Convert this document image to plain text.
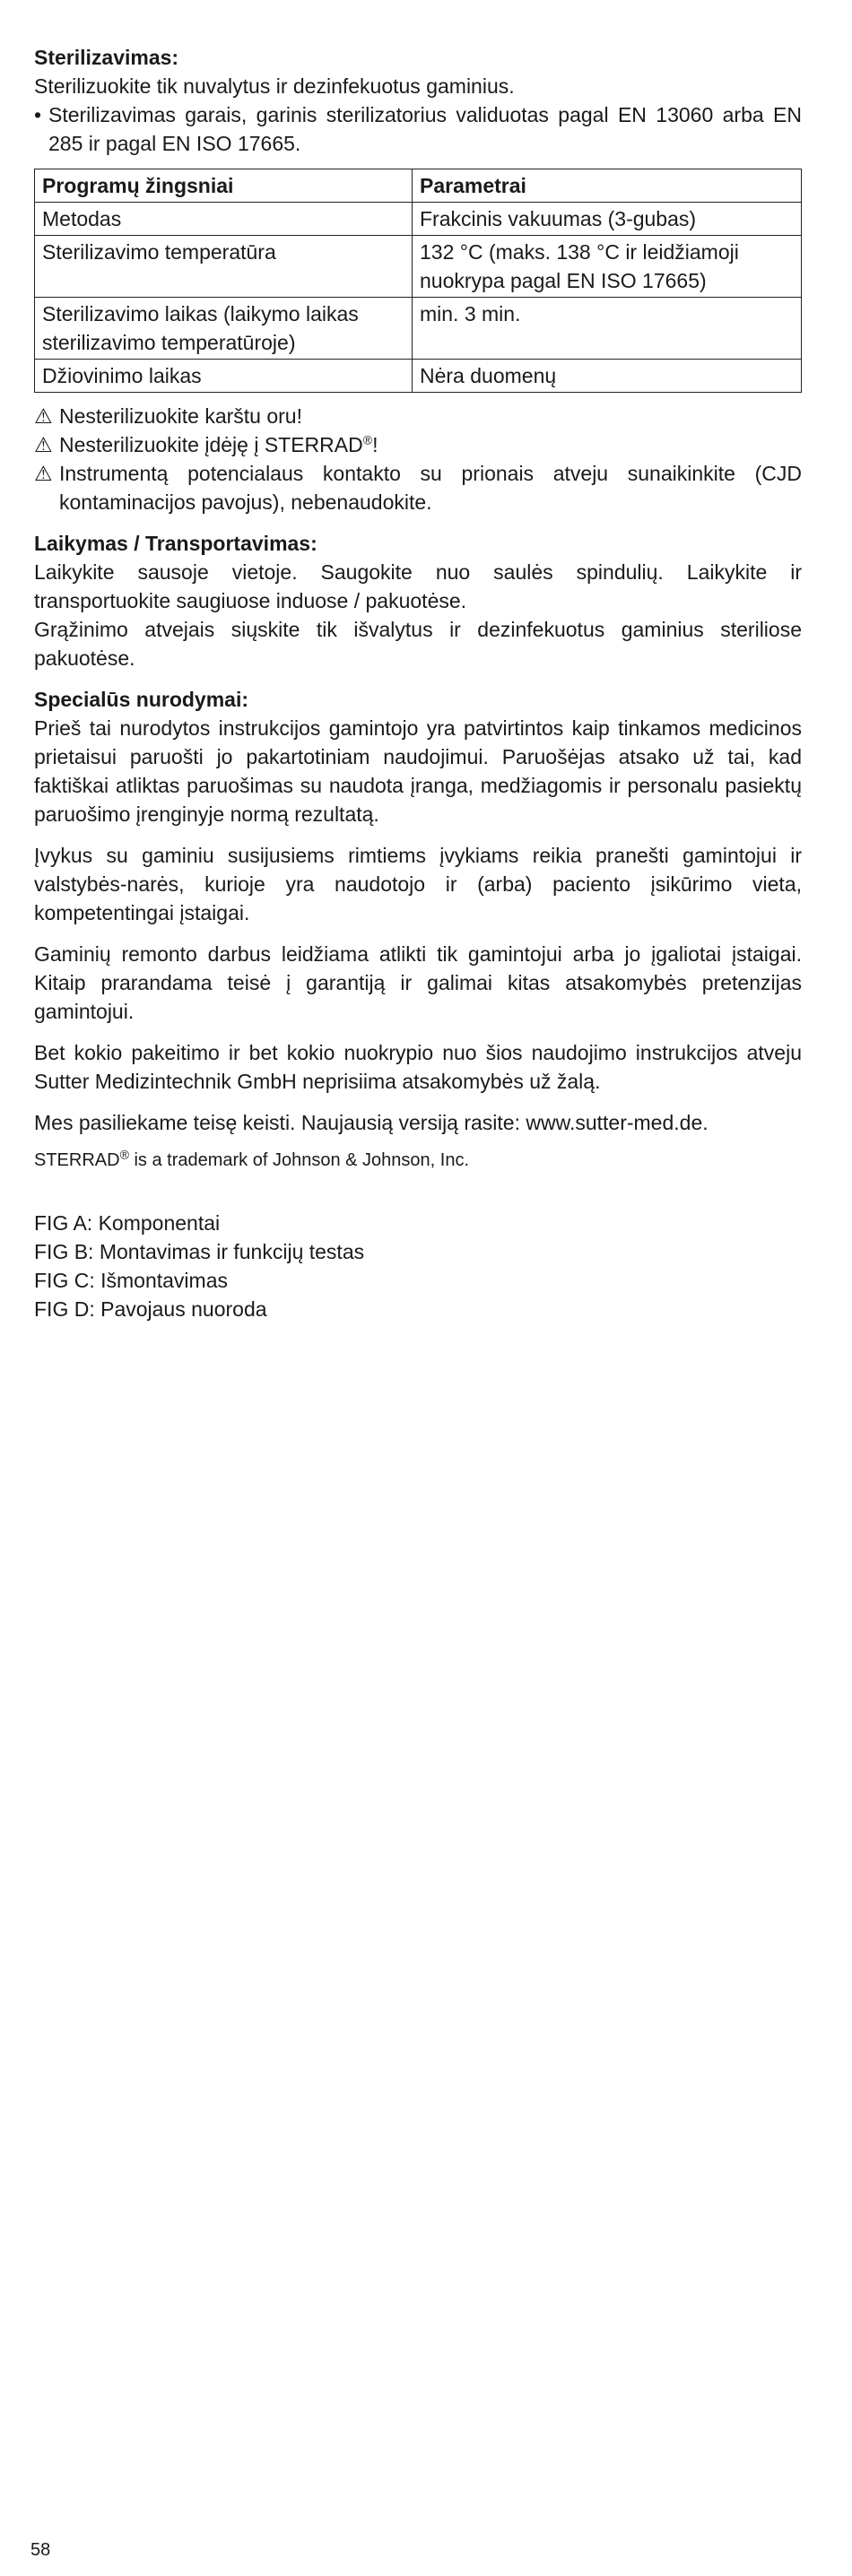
Sterilizavimas:

Sterilizuokite tik nuvalytus ir dezinfekuotus gaminius.

• Sterilizavimas garais, garinis sterilizatorius validuotas pagal EN 13060 arba EN 285 ir pagal EN ISO 17665.
Programų žingsniai	Parametrai
Metodas	Frakcinis vakuumas (3-gubas)
Sterilizavimo temperatūra	132 °C (maks. 138 °C ir leidžiamoji nuokrypa pagal EN ISO 17665)
Sterilizavimo laikas (laikymo laikas sterilizavimo temperatūroje)	min. 3 min.
Džiovinimo laikas	Nėra duomenų
⚠ Nesterilizuokite karštu oru!
⚠ Nesterilizuokite įdėję į STERRAD®!
⚠ Instrumentą potencialaus kontakto su prionais atveju sunaikinkite (CJD kontaminacijos pavojus), nebenaudokite.

Laikymas / Transportavimas:

Laikykite sausoje vietoje. Saugokite nuo saulės spindulių. Laikykite ir transportuokite saugiuose induose / pakuotėse.

Grąžinimo atvejais siųskite tik išvalytus ir dezinfekuotus gaminius steriliose pakuotėse.

Specialūs nurodymai:

Prieš tai nurodytos instrukcijos gamintojo yra patvirtintos kaip tinkamos medicinos prietaisui paruošti jo pakartotiniam naudojimui. Paruošėjas atsako už tai, kad faktiškai atliktas paruošimas su naudota įranga, medžiagomis ir personalu pasiektų paruošimo įrenginyje normą rezultatą.

Įvykus su gaminiu susijusiems rimtiems įvykiams reikia pranešti gamintojui ir valstybės-narės, kurioje yra naudotojo ir (arba) paciento įsikūrimo vieta, kompetentingai įstaigai.

Gaminių remonto darbus leidžiama atlikti tik gamintojui arba jo įgaliotai įstaigai. Kitaip prarandama teisė į garantiją ir galimai kitas atsakomybės pretenzijas gamintojui.

Bet kokio pakeitimo ir bet kokio nuokrypio nuo šios naudojimo instrukcijos atveju Sutter Medizintechnik GmbH neprisiima atsakomybės už žalą.

Mes pasiliekame teisę keisti. Naujausią versiją rasite: www.sutter-med.de.

STERRAD® is a trademark of Johnson & Johnson, Inc.

FIG A: Komponentai

FIG B: Montavimas ir funkcijų testas

FIG C: Išmontavimas

FIG D: Pavojaus nuoroda

58
